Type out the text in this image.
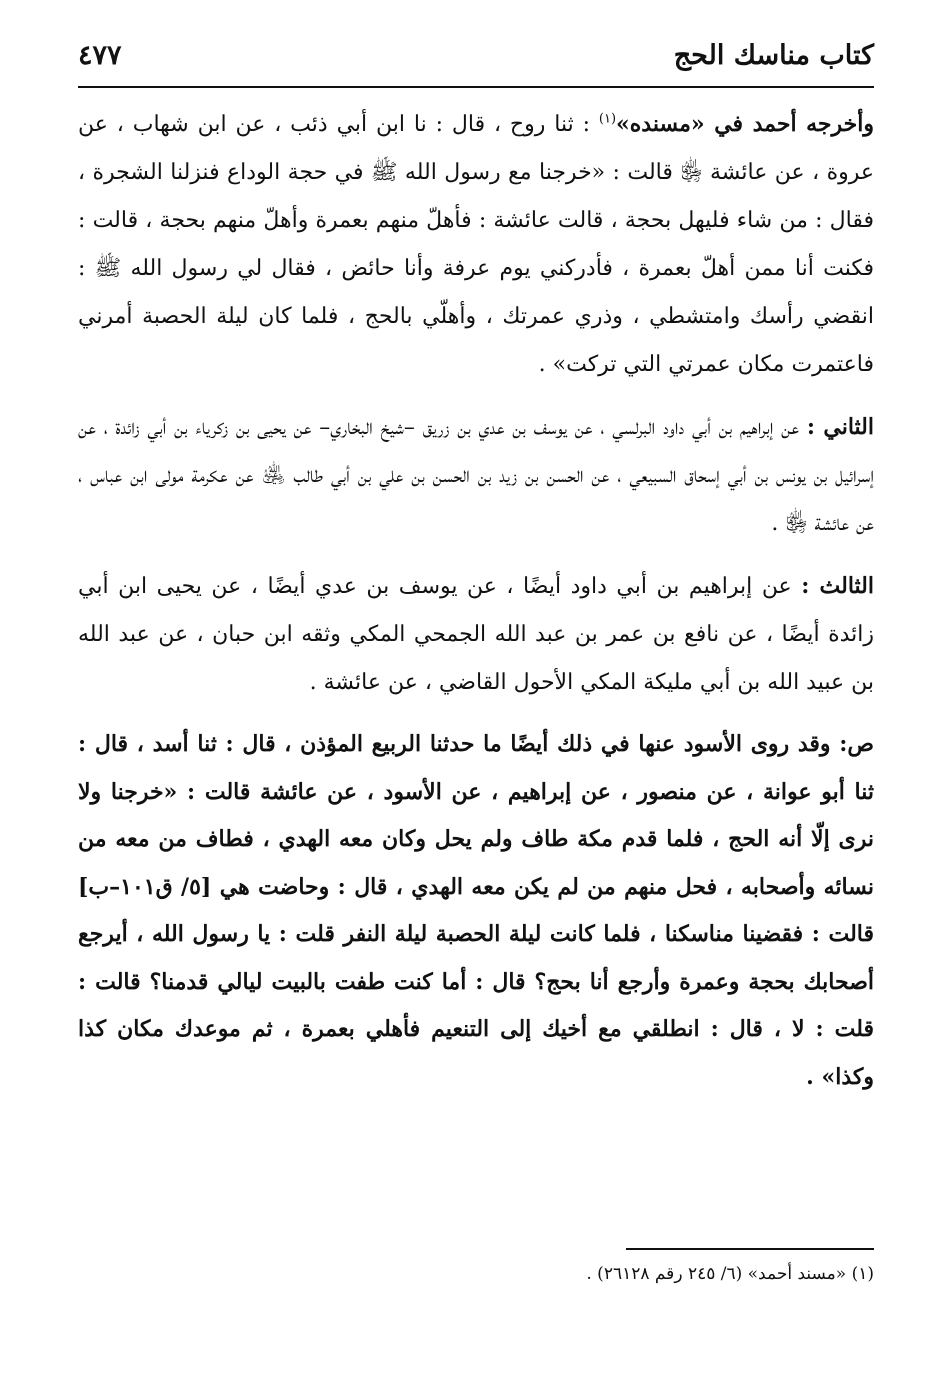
كتاب مناسك الحج
٤٧٧

وأخرجه أحمد في «مسنده»$^{(١)}$ : ثنا روح ، قال : نا ابن أبي ذئب ، عن ابن شهاب ، عن عروة ، عن عائشة ﵂ قالت : «خرجنا مع رسول الله ﷺ في حجة الوداع فنزلنا الشجرة ، فقال : من شاء فليهل بحجة ، قالت عائشة : فأهلّ منهم بعمرة وأهلّ منهم بحجة ، قالت : فكنت أنا ممن أهلّ بعمرة ، فأدركني يوم عرفة وأنا حائض ، فقال لي رسول الله ﷺ : انقضي رأسك وامتشطي ، وذري عمرتك ، وأهلّي بالحج ، فلما كان ليلة الحصبة أمرني فاعتمرت مكان عمرتي التي تركت» .

الثاني : عن إبراهيم بن أبي داود البرلسي ، عن يوسف بن عدي بن زريق –شيخ البخاري– عن يحيى بن زكرياء بن أبي زائدة ، عن إسرائيل بن يونس بن أبي إسحاق السبيعي ، عن الحسن بن زيد بن الحسن بن علي بن أبي طالب ﵁ عن عكرمة مولى ابن عباس ، عن عائشة ﵂ .

الثالث : عن إبراهيم بن أبي داود أيضًا ، عن يوسف بن عدي أيضًا ، عن يحيى ابن أبي زائدة أيضًا ، عن نافع بن عمر بن عبد الله الجمحي المكي وثقه ابن حبان ، عن عبد الله بن عبيد الله بن أبي مليكة المكي الأحول القاضي ، عن عائشة .

ص: وقد روى الأسود عنها في ذلك أيضًا ما حدثنا الربيع المؤذن ، قال : ثنا أسد ، قال : ثنا أبو عوانة ، عن منصور ، عن إبراهيم ، عن الأسود ، عن عائشة قالت : «خرجنا ولا نرى إلّا أنه الحج ، فلما قدم مكة طاف ولم يحل وكان معه الهدي ، فطاف من معه من نسائه وأصحابه ، فحل منهم من لم يكن معه الهدي ، قال : وحاضت هي [٥/ ق١٠١–ب] قالت : فقضينا مناسكنا ، فلما كانت ليلة الحصبة ليلة النفر قلت : يا رسول الله ، أيرجع أصحابك بحجة وعمرة وأرجع أنا بحج؟ قال : أما كنت طفت بالبيت ليالي قدمنا؟ قالت : قلت : لا ، قال : انطلقي مع أخيك إلى التنعيم فأهلي بعمرة ، ثم موعدك مكان كذا وكذا» .

(١) «مسند أحمد» (٦/ ٢٤٥ رقم ٢٦١٢٨) .
